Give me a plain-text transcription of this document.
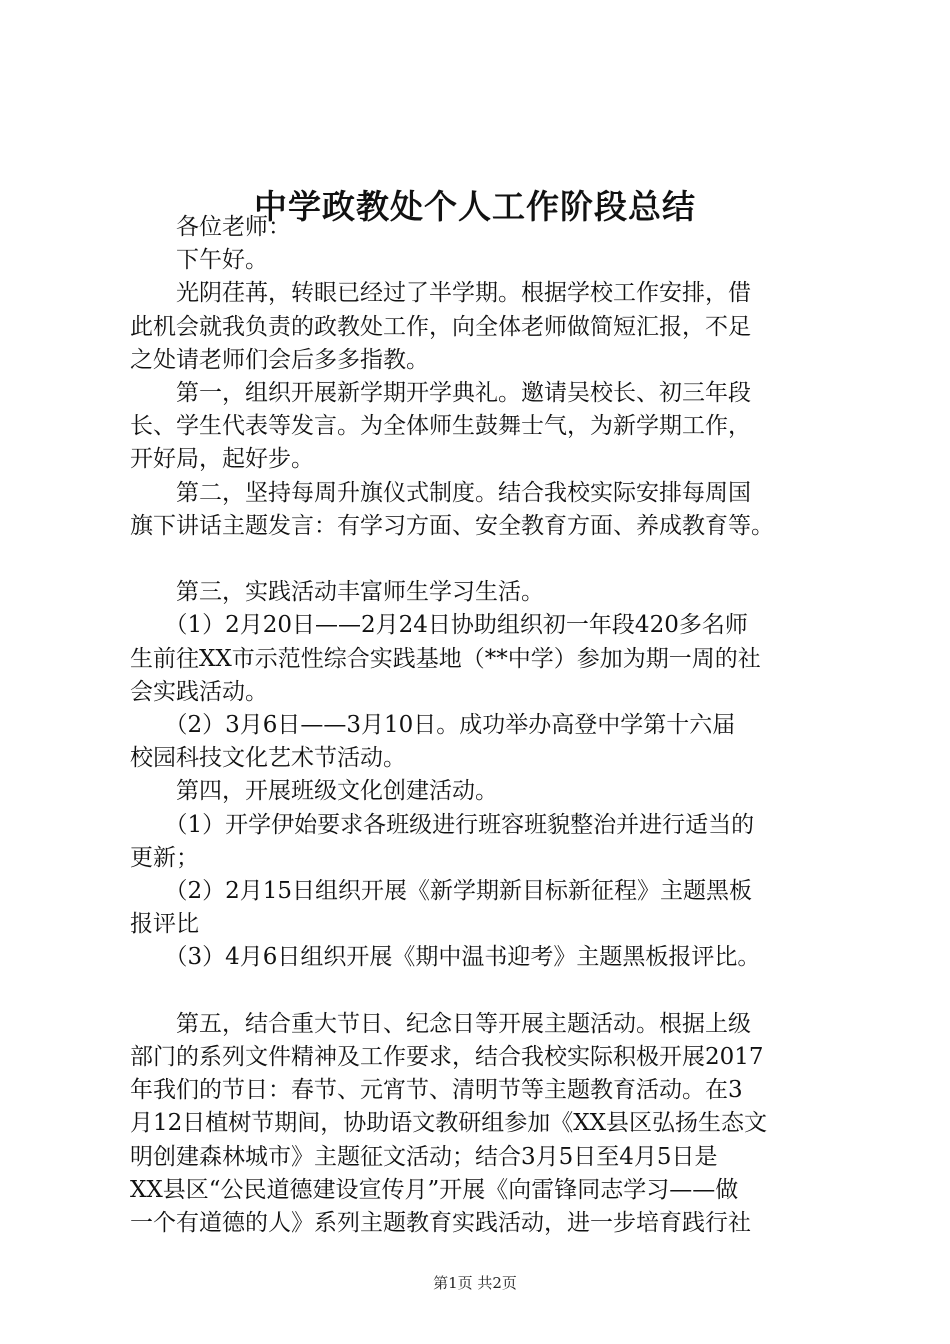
中学政教处个人工作阶段总结
　　各位老师：
　　下午好。
　　光阴荏苒，转眼已经过了半学期。根据学校工作安排，借
此机会就我负责的政教处工作，向全体老师做简短汇报，不足
之处请老师们会后多多指教。
　　第一，组织开展新学期开学典礼。邀请吴校长、初三年段
长、学生代表等发言。为全体师生鼓舞士气，为新学期工作，
开好局，起好步。
　　第二，坚持每周升旗仪式制度。结合我校实际安排每周国
旗下讲话主题发言：有学习方面、安全教育方面、养成教育等。
　　第三，实践活动丰富师生学习生活。
　　（1）2月20日——2月24日协助组织初一年段420多名师
生前往XX市示范性综合实践基地（**中学）参加为期一周的社
会实践活动。
　　（2）3月6日——3月10日。成功举办高登中学第十六届
校园科技文化艺术节活动。
　　第四，开展班级文化创建活动。
　　（1）开学伊始要求各班级进行班容班貌整治并进行适当的
更新；
　　（2）2月15日组织开展《新学期新目标新征程》主题黑板
报评比
　　（3）4月6日组织开展《期中温书迎考》主题黑板报评比。
　　第五，结合重大节日、纪念日等开展主题活动。根据上级
部门的系列文件精神及工作要求，结合我校实际积极开展2017
年我们的节日：春节、元宵节、清明节等主题教育活动。在3
月12日植树节期间，协助语文教研组参加《XX县区弘扬生态文
明创建森林城市》主题征文活动；结合3月5日至4月5日是
XX县区“公民道德建设宣传月”开展《向雷锋同志学习——做
一个有道德的人》系列主题教育实践活动，进一步培育践行社
第1页 共2页
